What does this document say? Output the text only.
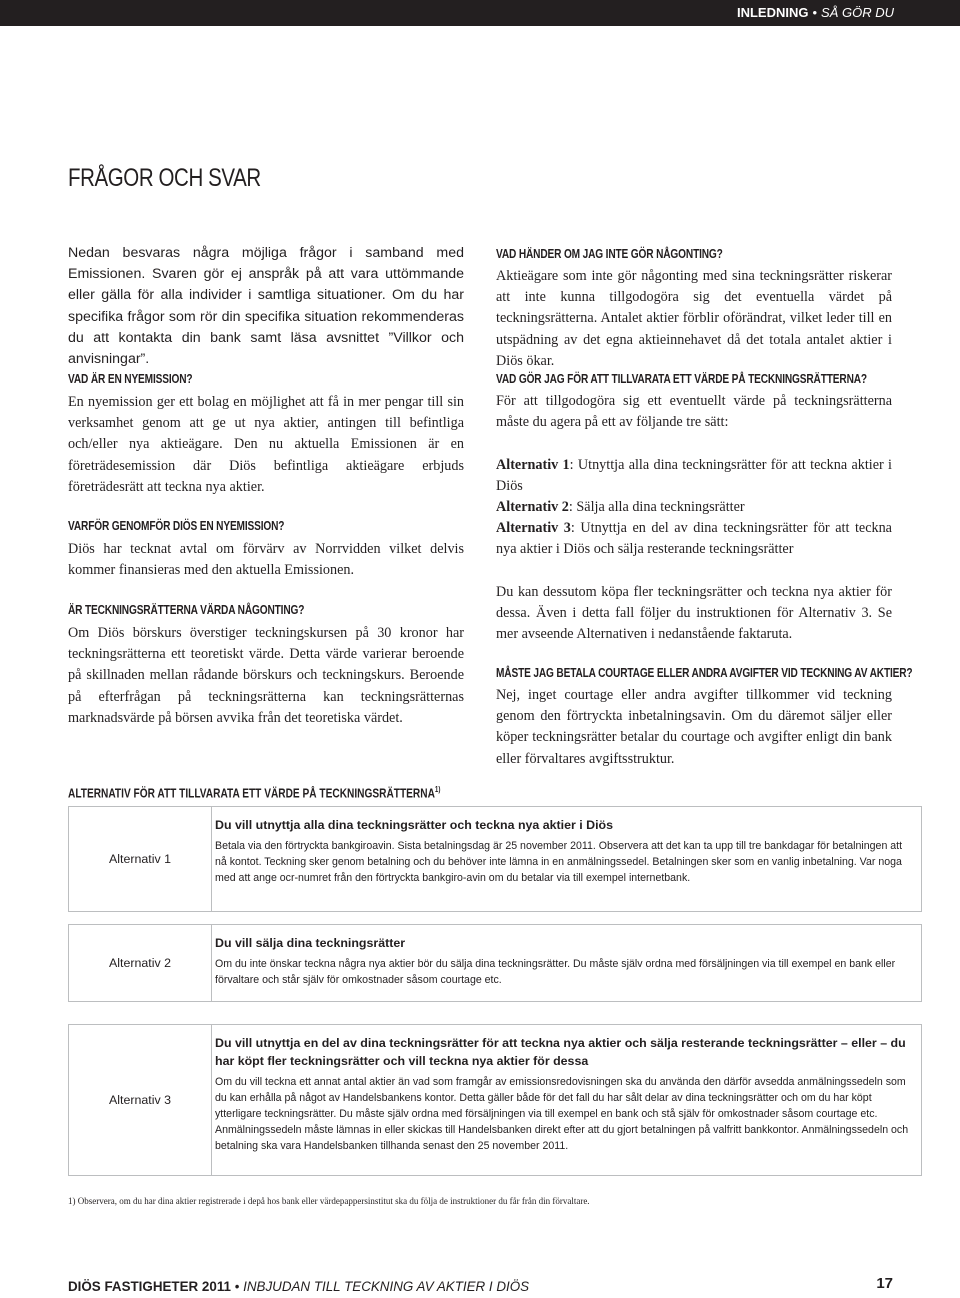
INLEDNING • SÅ GÖR DU
FRÅGOR OCH SVAR

Nedan besvaras några möjliga frågor i samband med Emissionen. Svaren gör ej anspråk på att vara uttömmande eller gälla för alla individer i samtliga situationer. Om du har specifika frågor som rör din specifika situation rekommenderas du att kontakta din bank samt läsa avsnittet ”Villkor och anvisningar”.

VAD ÄR EN NYEMISSION?

En nyemission ger ett bolag en möjlighet att få in mer pengar till sin verksamhet genom att ge ut nya aktier, antingen till befintliga och/eller nya aktieägare. Den nu aktuella Emissionen är en företrädesemission där Diös befintliga aktieägare erbjuds företrädesrätt att teckna nya aktier.

VARFÖR GENOMFÖR DIÖS EN NYEMISSION?

Diös har tecknat avtal om förvärv av Norrvidden vilket delvis kommer finansieras med den aktuella Emissionen.

ÄR TECKNINGSRÄTTERNA VÄRDA NÅGONTING?

Om Diös börskurs överstiger teckningskursen på 30 kronor har teckningsrätterna ett teoretiskt värde. Detta värde varierar beroende på skillnaden mellan rådande börskurs och teckningskurs. Beroende på efterfrågan på teckningsrätterna kan teckningsrätternas marknadsvärde på börsen avvika från det teoretiska värdet.

VAD HÄNDER OM JAG INTE GÖR NÅGONTING?

Aktieägare som inte gör någonting med sina teckningsrätter riskerar att inte kunna tillgodogöra sig det eventuella värdet på teckningsrätterna. Antalet aktier förblir oförändrat, vilket leder till en utspädning av det egna aktieinnehavet då det totala antalet aktier i Diös ökar.

VAD GÖR JAG FÖR ATT TILLVARATA ETT VÄRDE PÅ TECKNINGSRÄTTERNA?

För att tillgodogöra sig ett eventuellt värde på teckningsrätterna måste du agera på ett av följande tre sätt:

Alternativ 1: Utnyttja alla dina teckningsrätter för att teckna aktier i Diös
Alternativ 2: Sälja alla dina teckningsrätter
Alternativ 3: Utnyttja en del av dina teckningsrätter för att teckna nya aktier i Diös och sälja resterande teckningsrätter

Du kan dessutom köpa fler teckningsrätter och teckna nya aktier för dessa. Även i detta fall följer du instruktionen för Alternativ 3. Se mer avseende Alternativen i nedanstående faktaruta.

MÅSTE JAG BETALA COURTAGE ELLER ANDRA AVGIFTER VID TECKNING AV AKTIER?

Nej, inget courtage eller andra avgifter tillkommer vid teckning genom den förtryckta inbetalningsavin. Om du däremot säljer eller köper teckningsrätter betalar du courtage och avgifter enligt din bank eller förvaltares avgiftsstruktur.

ALTERNATIV FÖR ATT TILLVARATA ETT VÄRDE PÅ TECKNINGSRÄTTERNA$^{1)}$
Alternativ 1

Du vill utnyttja alla dina teckningsrätter och teckna nya aktier i Diös

Betala via den förtryckta bankgiroavin. Sista betalningsdag är 25 november 2011. Observera att det kan ta upp till tre bankdagar för betalningen att nå kontot. Teckning sker genom betalning och du behöver inte lämna in en anmälningssedel. Betalningen sker som en vanlig inbetalning. Var noga med att ange ocr-numret från den förtryckta bankgiro-avin om du betalar via till exempel internetbank.

Alternativ 2

Du vill sälja dina teckningsrätter

Om du inte önskar teckna några nya aktier bör du sälja dina teckningsrätter. Du måste själv ordna med försäljningen via till exempel en bank eller förvaltare och står själv för omkostnader såsom courtage etc.

Alternativ 3

Du vill utnyttja en del av dina teckningsrätter för att teckna nya aktier och sälja resterande teckningsrätter – eller – du har köpt fler teckningsrätter och vill teckna nya aktier för dessa

Om du vill teckna ett annat antal aktier än vad som framgår av emissionsredovisningen ska du använda den därför avsedda anmälningssedeln som du kan erhålla på något av Handelsbankens kontor. Detta gäller både för det fall du har sålt delar av dina teckningsrätter och om du har köpt ytterligare teckningsrätter. Du måste själv ordna med försäljningen via till exempel en bank och stå själv för omkostnader såsom courtage etc. Anmälningssedeln måste lämnas in eller skickas till Handelsbanken direkt efter att du gjort betalningen på valfritt bankkontor. Anmälningssedeln och betalning ska vara Handelsbanken tillhanda senast den 25 november 2011.

1) Observera, om du har dina aktier registrerade i depå hos bank eller värdepappersinstitut ska du följa de instruktioner du får från din förvaltare.

DIÖS FASTIGHETER 2011 • INBJUDAN TILL TECKNING AV AKTIER I DIÖS	17
